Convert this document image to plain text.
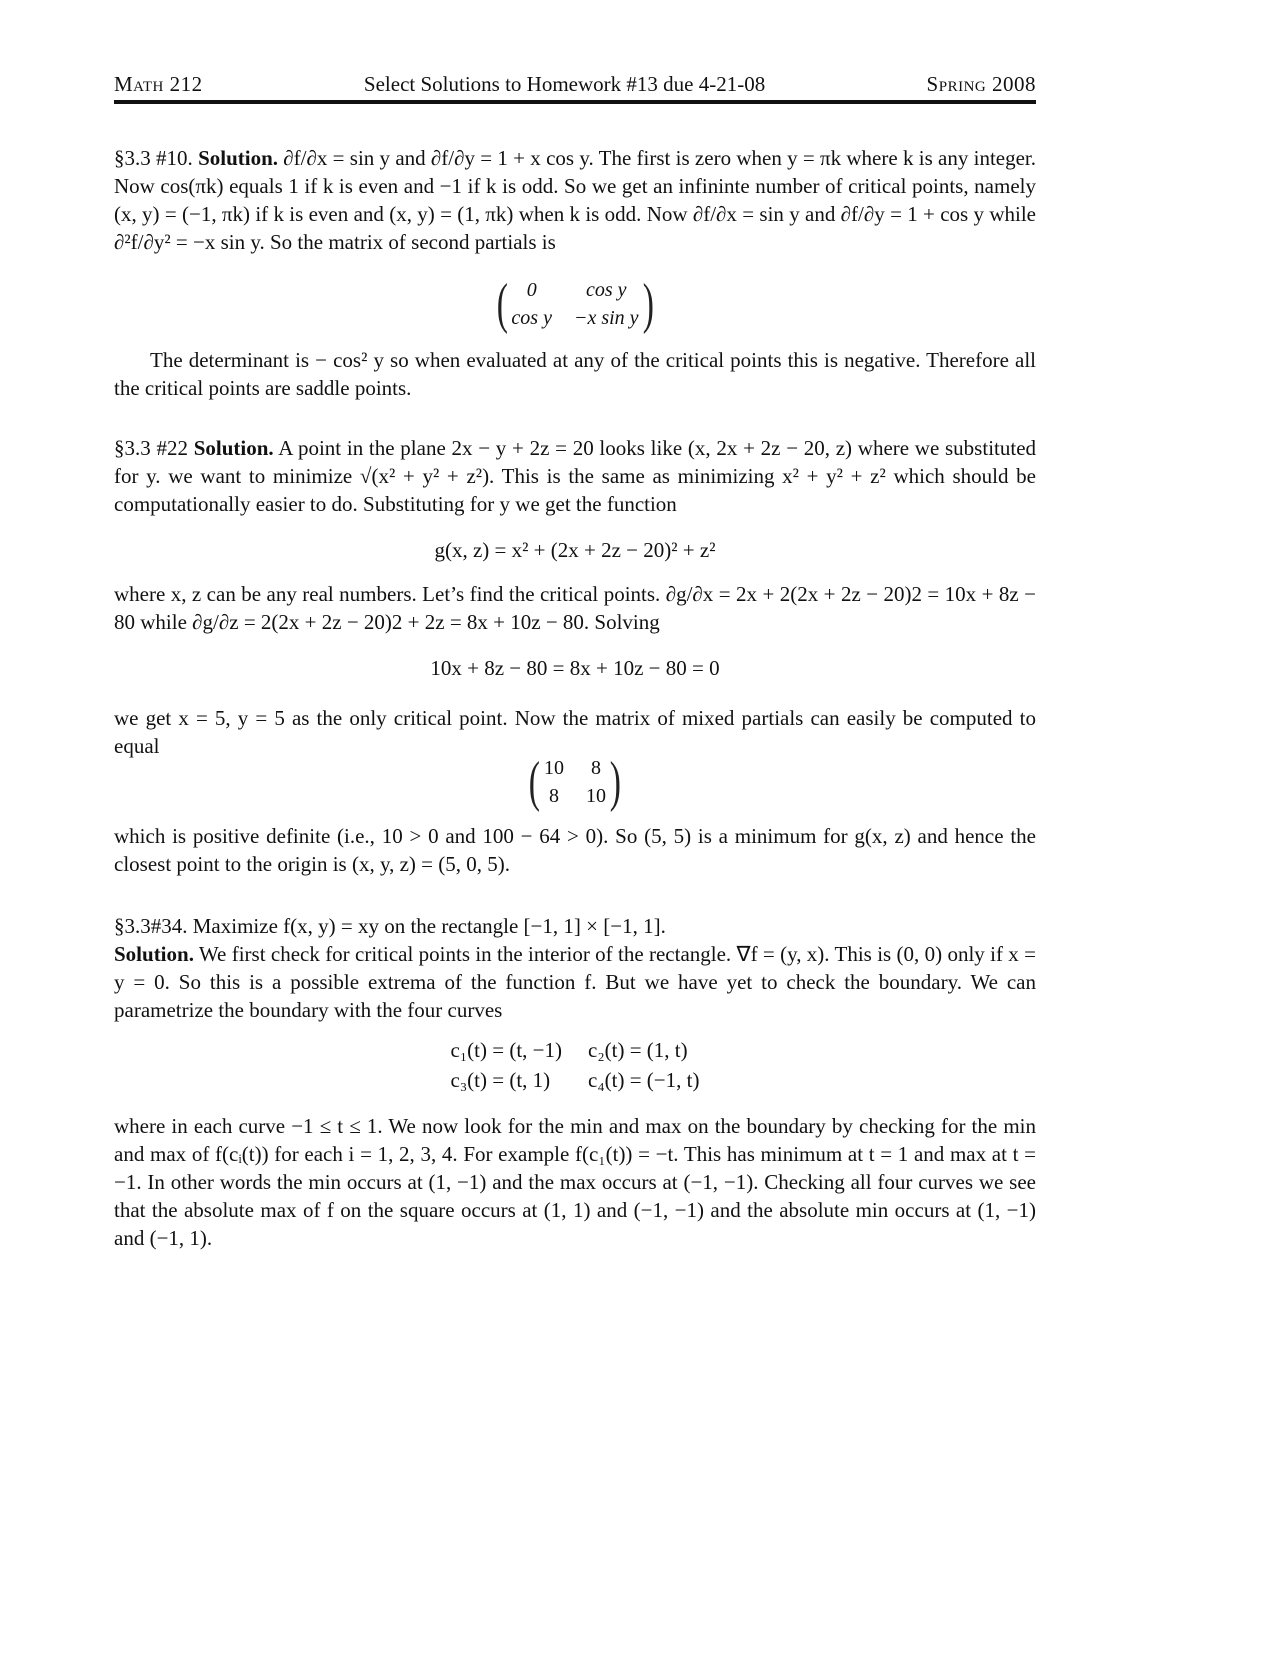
Math 212	Select Solutions to Homework #13 due 4-21-08	Spring 2008

§3.3 #10. Solution. ∂f/∂x = sin y and ∂f/∂y = 1 + x cos y. The first is zero when y = πk where k is any integer. Now cos(πk) equals 1 if k is even and −1 if k is odd. So we get an infininte number of critical points, namely (x, y) = (−1, πk) if k is even and (x, y) = (1, πk) when k is odd. Now ∂f/∂x = sin y and ∂f/∂y = 1 + cos y while ∂²f/∂y² = −x sin y. So the matrix of second partials is

( 0	cos y
cos y −x sin y )

The determinant is − cos² y so when evaluated at any of the critical points this is negative. Therefore all the critical points are saddle points.

§3.3 #22 Solution. A point in the plane 2x − y + 2z = 20 looks like (x, 2x + 2z − 20, z) where we substituted for y. we want to minimize √(x² + y² + z²). This is the same as minimizing x² + y² + z² which should be computationally easier to do. Substituting for y we get the function

g(x, z) = x² + (2x + 2z − 20)² + z²

where x, z can be any real numbers. Let’s find the critical points. ∂g/∂x = 2x + 2(2x + 2z − 20)2 = 10x + 8z − 80 while ∂g/∂z = 2(2x + 2z − 20)2 + 2z = 8x + 10z − 80. Solving

10x + 8z − 80 = 8x + 10z − 80 = 0

we get x = 5, y = 5 as the only critical point. Now the matrix of mixed partials can easily be computed to equal

( 10 8
8 10 )

which is positive definite (i.e., 10 > 0 and 100 − 64 > 0). So (5, 5) is a minimum for g(x, z) and hence the closest point to the origin is (x, y, z) = (5, 0, 5).

§3.3#34. Maximize f(x, y) = xy on the rectangle [−1, 1] × [−1, 1].

Solution. We first check for critical points in the interior of the rectangle. ∇f = (y, x). This is (0, 0) only if x = y = 0. So this is a possible extrema of the function f. But we have yet to check the boundary. We can parametrize the boundary with the four curves

c₁(t) = (t, −1) c₂(t) = (1, t)
c₃(t) = (t, 1)	c₄(t) = (−1, t)

where in each curve −1 ≤ t ≤ 1. We now look for the min and max on the boundary by checking for the min and max of f(cᵢ(t)) for each i = 1, 2, 3, 4. For example f(c₁(t)) = −t. This has minimum at t = 1 and max at t = −1. In other words the min occurs at (1, −1) and the max occurs at (−1, −1). Checking all four curves we see that the absolute max of f on the square occurs at (1, 1) and (−1, −1) and the absolute min occurs at (1, −1) and (−1, 1).
